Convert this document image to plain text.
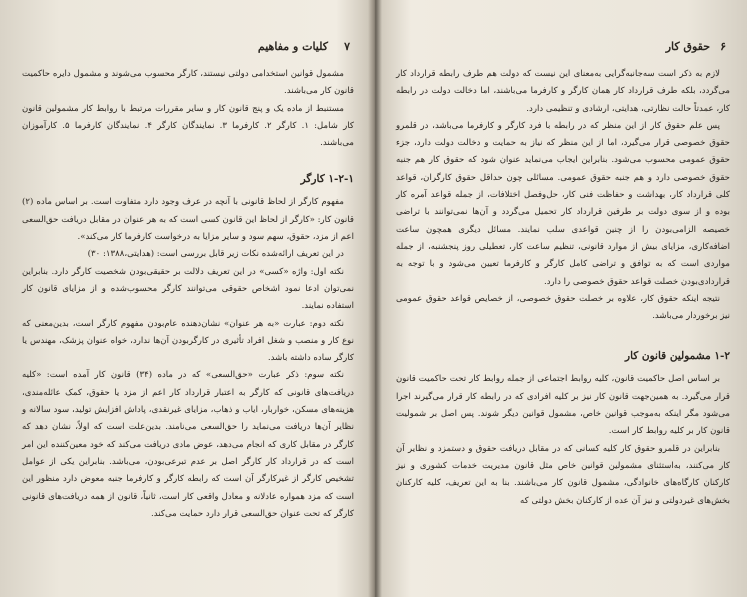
۷
کلیات و مفاهیم

مشمول قوانین استخدامی دولتی نیستند، کارگر محسوب می‌شوند و مشمول دایره حاکمیت قانون کار می‌باشند.

مستنبط از ماده یک و پنج قانون کار و سایر مقررات مرتبط با روابط کار مشمولین قانون کار شامل: ۱. کارگر ۲. کارفرما ۳. نمایندگان کارگر ۴. نمایندگان کارفرما ۵. کارآموزان می‌باشند.

۱-۲-۱ کارگر

مفهوم کارگر از لحاظ قانونی با آنچه در عرف وجود دارد متفاوت است. بر اساس ماده (۲) قانون کار: «کارگر از لحاظ این قانون کسی است که به هر عنوان در مقابل دریافت حق‌السعی اعم از مزد، حقوق، سهم سود و سایر مزایا به درخواست کارفرما کار می‌کند».

در این تعریف ارائه‌شده نکات زیر قابل بررسی است: (هدایتی،۱۳۸۸: ۳۰)

نکته اول: واژه «کسی» در این تعریف دلالت بر حقیقی‌بودن شخصیت کارگر دارد. بنابراین نمی‌توان ادعا نمود اشخاص حقوقی می‌توانند کارگر محسوب‌شده و از مزایای قانون کار استفاده نمایند.

نکته دوم: عبارت «به هر عنوان» نشان‌دهنده عام‌بودن مفهوم کارگر است، بدین‌معنی که نوع کار و منصب و شغل افراد تأثیری در کارگربودن آن‌ها ندارد، خواه عنوان پزشک، مهندس یا کارگر ساده داشته باشد.

نکته سوم: ذکر عبارت «حق‌السعی» که در ماده (۳۴) قانون کار آمده است: «کلیه دریافت‌های قانونی که کارگر به اعتبار قرارداد کار اعم از مزد یا حقوق، کمک عائله‌مندی، هزینه‌های مسکن، خواربار، ایاب و ذهاب، مزایای غیرنقدی، پاداش افزایش تولید، سود سالانه و نظایر آن‌ها دریافت می‌نماید را حق‌السعی می‌نامند. بدین‌علت است که اولاً، نشان دهد که کارگر در مقابل کاری که انجام می‌دهد، عوض مادی دریافت می‌کند که خود معین‌کننده این امر است که در قرارداد کار کارگر اصل بر عدم تبرعی‌بودن، می‌باشد. بنابراین یکی از عوامل تشخیص کارگر از غیرکارگر آن است که رابطه کارگر و کارفرما جنبه معوض دارد منظور این است که مزد همواره عادلانه و معادل واقعی کار است، ثانیاً، قانون از همه دریافت‌های قانونی کارگر که تحت عنوان حق‌السعی قرار دارد حمایت می‌کند.

۶
حقوق کار

لازم به ذکر است سه‌جانبه‌گرایی به‌معنای این نیست که دولت هم طرف رابطه قرارداد کار می‌گردد، بلکه طرف قرارداد کار همان کارگر و کارفرما می‌باشند، اما دخالت دولت در رابطه کار، عمدتاً حالت نظارتی، هدایتی، ارشادی و تنظیمی دارد.

پس علم حقوق کار از این منظر که در رابطه با فرد کارگر و کارفرما می‌باشد، در قلمرو حقوق خصوصی قرار می‌گیرد، اما از این منظر که نیاز به حمایت و دخالت دولت دارد، جزء حقوق عمومی محسوب می‌شود. بنابراین ایجاب می‌نماید عنوان شود که حقوق کار هم جنبه حقوق خصوصی دارد و هم جنبه حقوق عمومی. مسائلی چون حداقل حقوق کارگران، قواعد کلی قرارداد کار، بهداشت و حفاظت فنی کار، حل‌وفصل اختلافات، از جمله قواعد آمره کار بوده و از سوی دولت بر طرفین قرارداد کار تحمیل می‌گردد و آن‌ها نمی‌توانند با تراضی خصیصه الزامی‌بودن را از چنین قواعدی سلب نمایند. مسائل دیگری همچون ساعت اضافه‌کاری، مزایای بیش از موارد قانونی، تنظیم ساعت کار، تعطیلی روز پنجشنبه، از جمله مواردی است که به توافق و تراضی کامل کارگر و کارفرما تعیین می‌شود و با توجه به قراردادی‌بودن خصلت قواعد حقوق خصوصی را دارد.

نتیجه اینکه حقوق کار، علاوه بر خصلت حقوق خصوصی، از خصایص قواعد حقوق عمومی نیز برخوردار می‌باشد.

۱-۲ مشمولین قانون کار

بر اساس اصل حاکمیت قانون، کلیه روابط اجتماعی از جمله روابط کار تحت حاکمیت قانون قرار می‌گیرد. به همین‌جهت قانون کار نیز بر کلیه افرادی که در رابطه کار قرار می‌گیرند اجرا می‌شود مگر اینکه به‌موجب قوانین خاص، مشمول قوانین دیگر شوند. پس اصل بر شمولیت قانون کار بر کلیه روابط کار است.

بنابراین در قلمرو حقوق کار کلیه کسانی که در مقابل دریافت حقوق و دستمزد و نظایر آن کار می‌کنند، به‌استثنای مشمولین قوانین خاص مثل قانون مدیریت خدمات کشوری و نیز کارکنان کارگاه‌های خانوادگی، مشمول قانون کار می‌باشند. بنا به این تعریف، کلیه کارکنان بخش‌های غیردولتی و نیز آن عده از کارکنان بخش دولتی که
